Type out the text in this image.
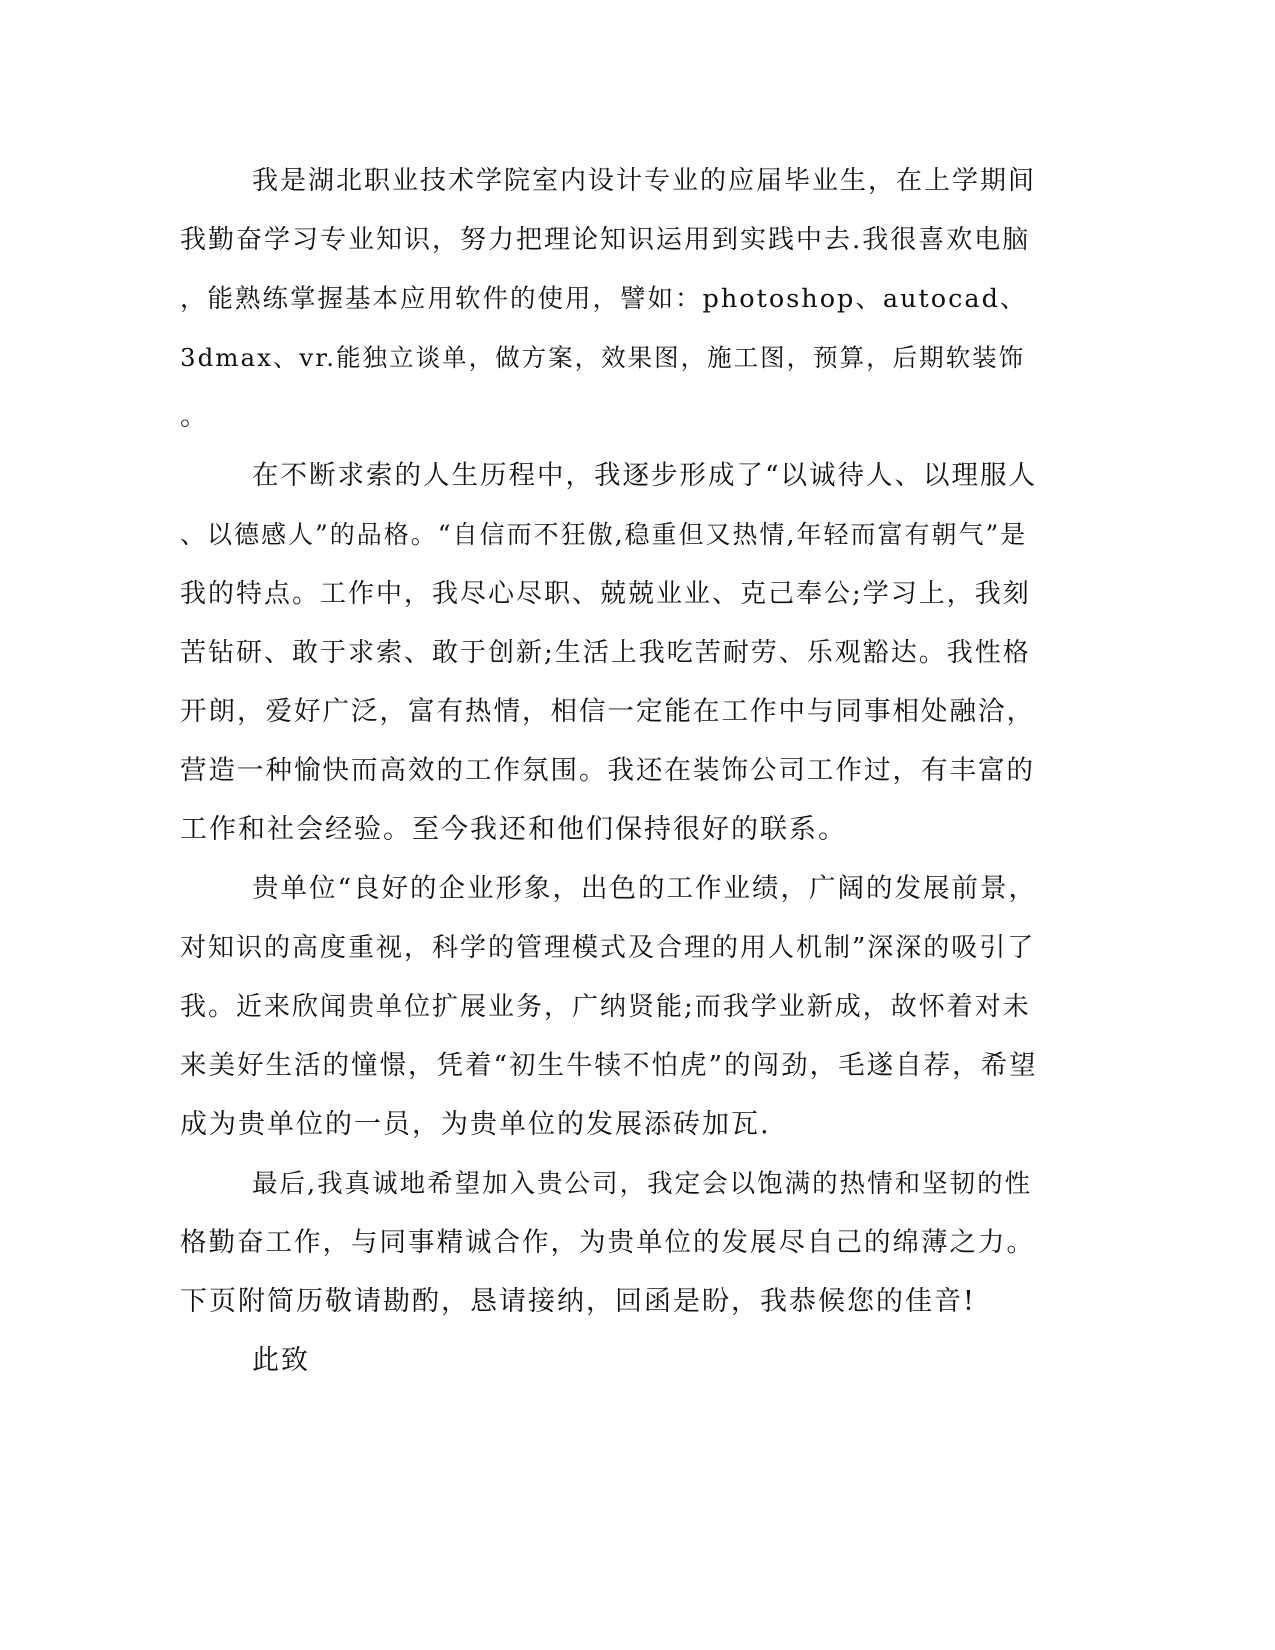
我是湖北职业技术学院室内设计专业的应届毕业生，在上学期间
我勤奋学习专业知识，努力把理论知识运用到实践中去.我很喜欢电脑
，能熟练掌握基本应用软件的使用，譬如：photoshop、autocad、
3dmax、vr.能独立谈单，做方案，效果图，施工图，预算，后期软装饰
。
在不断求索的人生历程中，我逐步形成了“以诚待人、以理服人
、以德感人”的品格。“自信而不狂傲,稳重但又热情,年轻而富有朝气”是
我的特点。工作中，我尽心尽职、兢兢业业、克己奉公;学习上，我刻
苦钻研、敢于求索、敢于创新;生活上我吃苦耐劳、乐观豁达。我性格
开朗，爱好广泛，富有热情，相信一定能在工作中与同事相处融洽，
营造一种愉快而高效的工作氛围。我还在装饰公司工作过，有丰富的
工作和社会经验。至今我还和他们保持很好的联系。
贵单位“良好的企业形象，出色的工作业绩，广阔的发展前景，
对知识的高度重视，科学的管理模式及合理的用人机制”深深的吸引了
我。近来欣闻贵单位扩展业务，广纳贤能;而我学业新成，故怀着对未
来美好生活的憧憬，凭着“初生牛犊不怕虎”的闯劲，毛遂自荐，希望
成为贵单位的一员，为贵单位的发展添砖加瓦.
最后,我真诚地希望加入贵公司，我定会以饱满的热情和坚韧的性
格勤奋工作，与同事精诚合作，为贵单位的发展尽自己的绵薄之力。
下页附简历敬请勘酌，恳请接纳，回函是盼，我恭候您的佳音!
此致
